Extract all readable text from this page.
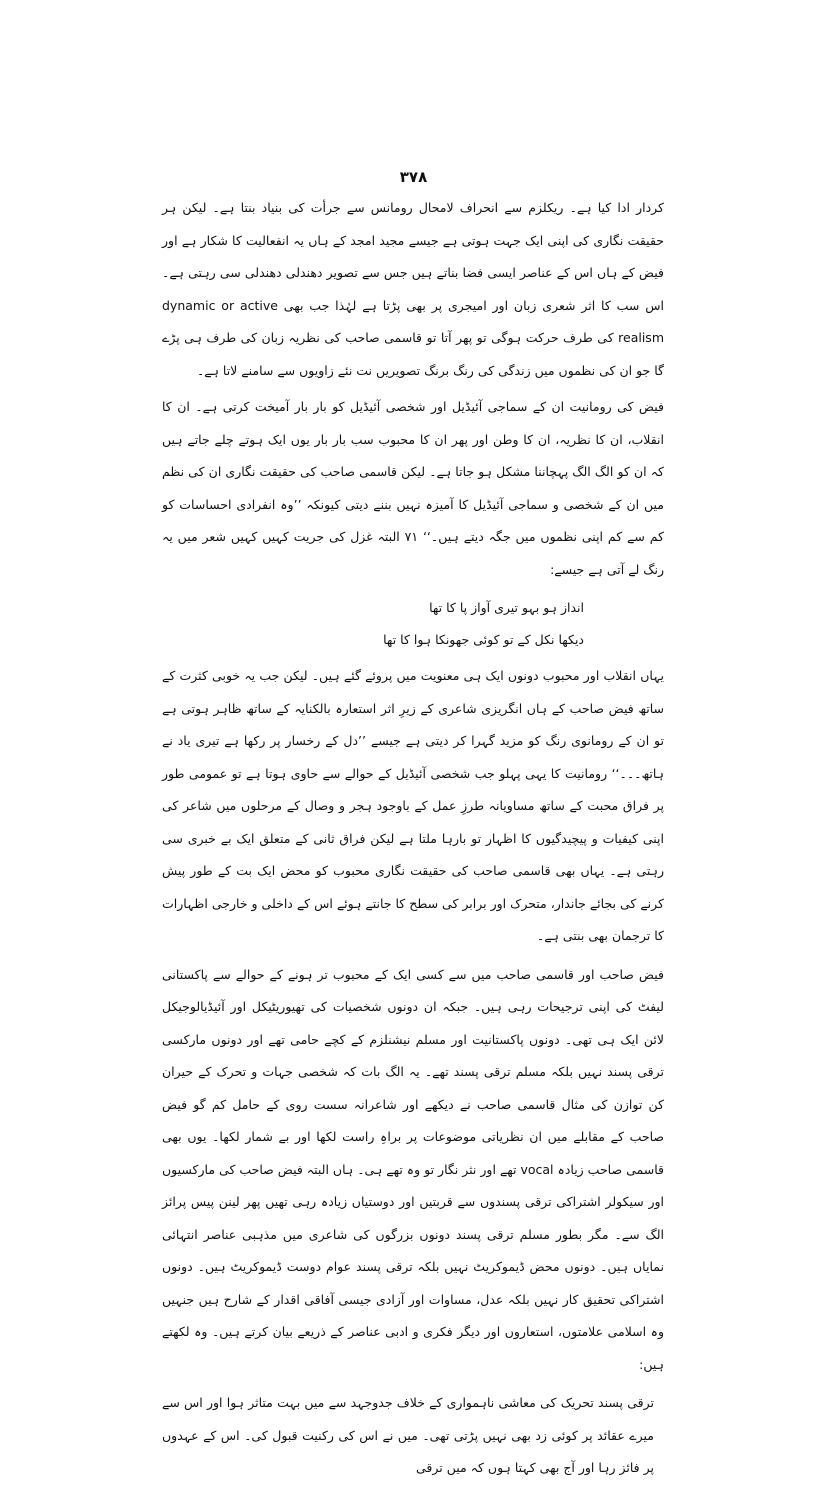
۳۷۸

کردار ادا کیا ہے۔ ریکلزم سے انحراف لامحال رومانس سے جرأت کی بنیاد بنتا ہے۔ لیکن ہر حقیقت نگاری کی اپنی ایک جہت ہوتی ہے جیسے مجید امجد کے ہاں یہ انفعالیت کا شکار ہے اور فیض کے ہاں اس کے عناصر ایسی فضا بناتے ہیں جس سے تصویر دھندلی دھندلی سی رہتی ہے۔ اس سب کا اثر شعری زبان اور امیجری پر بھی پڑتا ہے لہٰذا جب بھی dynamic or active realism کی طرف حرکت ہوگی تو پھر آتا تو قاسمی صاحب کی نظریہ زبان کی طرف ہی پڑے گا جو ان کی نظموں میں زندگی کی رنگ برنگ تصویریں نت نئے زاویوں سے سامنے لاتا ہے۔

فیض کی رومانیت ان کے سماجی آئیڈیل اور شخصی آئیڈیل کو بار بار آمیخت کرتی ہے۔ ان کا انقلاب، ان کا نظریہ، ان کا وطن اور پھر ان کا محبوب سب بار بار یوں ایک ہوتے چلے جاتے ہیں کہ ان کو الگ الگ پہچاننا مشکل ہو جاتا ہے۔ لیکن قاسمی صاحب کی حقیقت نگاری ان کی نظم میں ان کے شخصی و سماجی آئیڈیل کا آمیزہ نہیں بننے دیتی کیونکہ ’’وہ انفرادی احساسات کو کم سے کم اپنی نظموں میں جگہ دیتے ہیں۔‘‘ ۷۱ البتہ غزل کی جریت کہیں کہیں شعر میں یہ رنگ لے آتی ہے جیسے:

انداز ہو بہو تیری آواز پا کا تھا
دیکھا نکل کے تو کوئی جھونکا ہوا کا تھا

یہاں انقلاب اور محبوب دونوں ایک ہی معنویت میں پروئے گئے ہیں۔ لیکن جب یہ خوبی کثرت کے ساتھ فیض صاحب کے ہاں انگریزی شاعری کے زیرِ اثر استعارہ بالکنایہ کے ساتھ ظاہر ہوتی ہے تو ان کے رومانوی رنگ کو مزید گہرا کر دیتی ہے جیسے ’’دل کے رخسار پر رکھا ہے تیری یاد نے ہاتھ۔۔۔‘‘ رومانیت کا یہی پہلو جب شخصی آئیڈیل کے حوالے سے حاوی ہوتا ہے تو عمومی طور پر فراق محبت کے ساتھ مساویانہ طرزِ عمل کے باوجود ہجر و وصال کے مرحلوں میں شاعر کی اپنی کیفیات و پیچیدگیوں کا اظہار تو بارہا ملتا ہے لیکن فراق ثانی کے متعلق ایک بے خبری سی رہتی ہے۔ یہاں بھی قاسمی صاحب کی حقیقت نگاری محبوب کو محض ایک بت کے طور پیش کرنے کی بجائے جاندار، متحرک اور برابر کی سطح کا جانتے ہوئے اس کے داخلی و خارجی اظہارات کا ترجمان بھی بنتی ہے۔

فیض صاحب اور قاسمی صاحب میں سے کسی ایک کے محبوب تر ہونے کے حوالے سے پاکستانی لیفٹ کی اپنی ترجیحات رہی ہیں۔ جبکہ ان دونوں شخصیات کی تھیوریٹیکل اور آئیڈیالوجیکل لائن ایک ہی تھی۔ دونوں پاکستانیت اور مسلم نیشنلزم کے کچے حامی تھے اور دونوں مارکسی ترقی پسند نہیں بلکہ مسلم ترقی پسند تھے۔ یہ الگ بات کہ شخصی جہات و تحرک کے حیران کن توازن کی مثال قاسمی صاحب نے دیکھے اور شاعرانہ سست روی کے حامل کم گو فیض صاحب کے مقابلے میں ان نظریاتی موضوعات پر براہِ راست لکھا اور بے شمار لکھا۔ یوں بھی قاسمی صاحب زیادہ vocal تھے اور نثر نگار تو وہ تھے ہی۔ ہاں البتہ فیض صاحب کی مارکسیوں اور سیکولر اشتراکی ترقی پسندوں سے قربتیں اور دوستیاں زیادہ رہی تھیں پھر لینن پیس پرائز الگ سے۔ مگر بطور مسلم ترقی پسند دونوں بزرگوں کی شاعری میں مذہبی عناصر انتہائی نمایاں ہیں۔ دونوں محض ڈیموکریٹ نہیں بلکہ ترقی پسند عوام دوست ڈیموکریٹ ہیں۔ دونوں اشتراکی تحقیق کار نہیں بلکہ عدل، مساوات اور آزادی جیسی آفاقی اقدار کے شارح ہیں جنہیں وہ اسلامی علامتوں، استعاروں اور دیگر فکری و ادبی عناصر کے ذریعے بیان کرتے ہیں۔ وہ لکھتے ہیں:

ترقی پسند تحریک کی معاشی ناہمواری کے خلاف جدوجہد سے میں بہت متاثر ہوا اور اس سے میرے عقائد پر کوئی زد بھی نہیں پڑتی تھی۔ میں نے اس کی رکنیت قبول کی۔ اس کے عہدوں پر فائز رہا اور آج بھی کہتا ہوں کہ میں ترقی
